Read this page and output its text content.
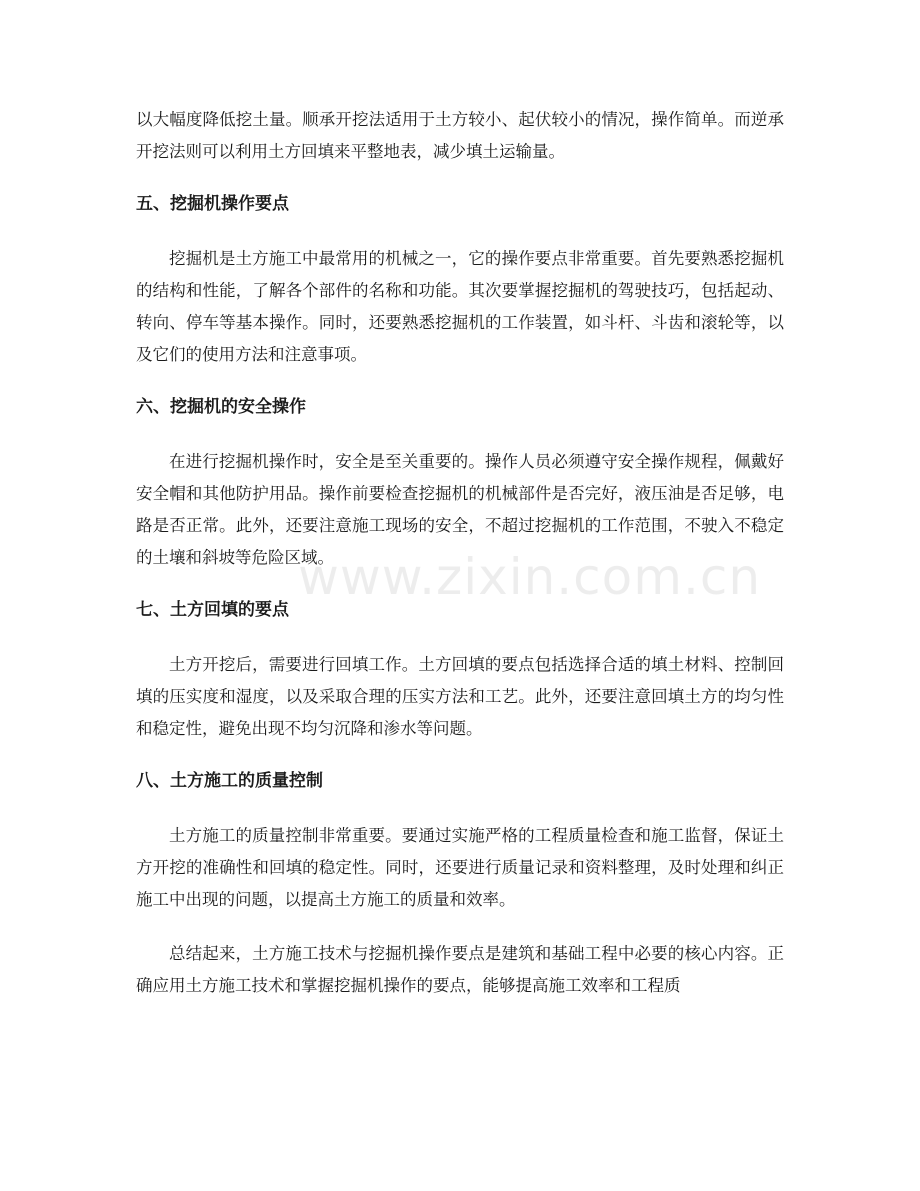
www.zixin.com.cn

以大幅度降低挖土量。顺承开挖法适用于土方较小、起伏较小的情况，操作简单。而逆承开挖法则可以利用土方回填来平整地表，减少填土运输量。

五、挖掘机操作要点

挖掘机是土方施工中最常用的机械之一，它的操作要点非常重要。首先要熟悉挖掘机的结构和性能，了解各个部件的名称和功能。其次要掌握挖掘机的驾驶技巧，包括起动、转向、停车等基本操作。同时，还要熟悉挖掘机的工作装置，如斗杆、斗齿和滚轮等，以及它们的使用方法和注意事项。

六、挖掘机的安全操作

在进行挖掘机操作时，安全是至关重要的。操作人员必须遵守安全操作规程，佩戴好安全帽和其他防护用品。操作前要检查挖掘机的机械部件是否完好，液压油是否足够，电路是否正常。此外，还要注意施工现场的安全，不超过挖掘机的工作范围，不驶入不稳定的土壤和斜坡等危险区域。

七、土方回填的要点

土方开挖后，需要进行回填工作。土方回填的要点包括选择合适的填土材料、控制回填的压实度和湿度，以及采取合理的压实方法和工艺。此外，还要注意回填土方的均匀性和稳定性，避免出现不均匀沉降和渗水等问题。

八、土方施工的质量控制

土方施工的质量控制非常重要。要通过实施严格的工程质量检查和施工监督，保证土方开挖的准确性和回填的稳定性。同时，还要进行质量记录和资料整理，及时处理和纠正施工中出现的问题，以提高土方施工的质量和效率。

总结起来，土方施工技术与挖掘机操作要点是建筑和基础工程中必要的核心内容。正确应用土方施工技术和掌握挖掘机操作的要点，能够提高施工效率和工程质
